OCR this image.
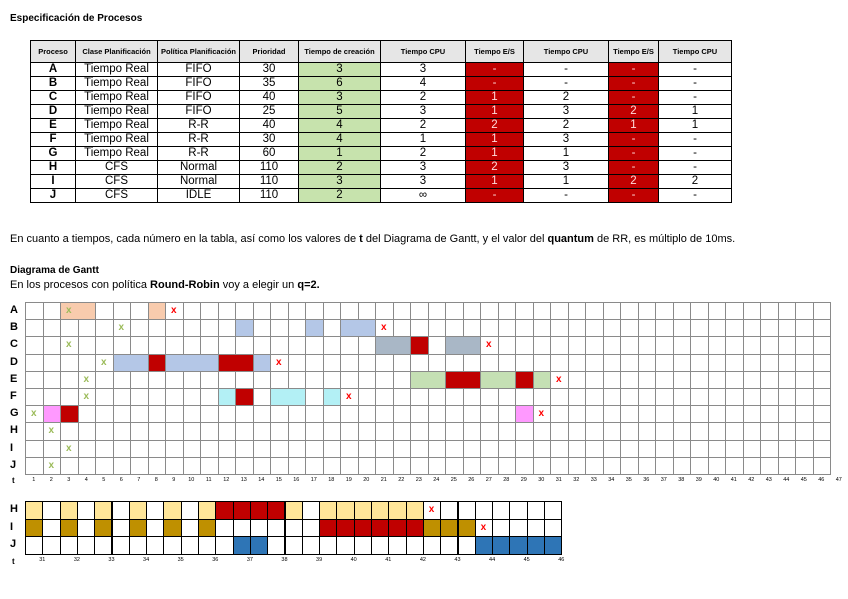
Especificación de Procesos
Proceso	Clase Planificación	Política Planificación	Prioridad	Tiempo de creación	Tiempo CPU	Tiempo E/S	Tiempo CPU	Tiempo E/S	Tiempo CPU
A	Tiempo Real	FIFO	30	3	3	-	-	-	-
B	Tiempo Real	FIFO	35	6	4	-	-	-	-
C	Tiempo Real	FIFO	40	3	2	1	2	-	-
D	Tiempo Real	FIFO	25	5	3	1	3	2	1
E	Tiempo Real	R-R	40	4	2	2	2	1	1
F	Tiempo Real	R-R	30	4	1	1	3	-	-
G	Tiempo Real	R-R	60	1	2	1	1	-	-
H	CFS	Normal	110	2	3	2	3	-	-
I	CFS	Normal	110	3	3	1	1	2	2
J	CFS	IDLE	110	2	∞	-	-	-	-
En cuanto a tiempos, cada número en la tabla, así como los valores de t del Diagrama de Gantt, y el valor del quantum de RR, es múltiplo de 10ms.
Diagrama de Gantt
En los procesos con política Round-Robin voy a elegir un q=2.
A
B
C
D
E
F
G
H
I
J
x	x
x	x
x	x
x	x
x	x
x	x
x	x
x
x
x
t	1	2	3	4	5	6	7	8	9	10	11	12	13	14	15	16	17	18	19	20	21	22	23	24	25	26	27	28	29	30	31	32	33	34	35	36	37	38	39	40	41	42	43	44	45	46	47
H
I
J
x
x
t	31	32	33	34	35	36	37	38	39	40	41	42	43	44	45	46
